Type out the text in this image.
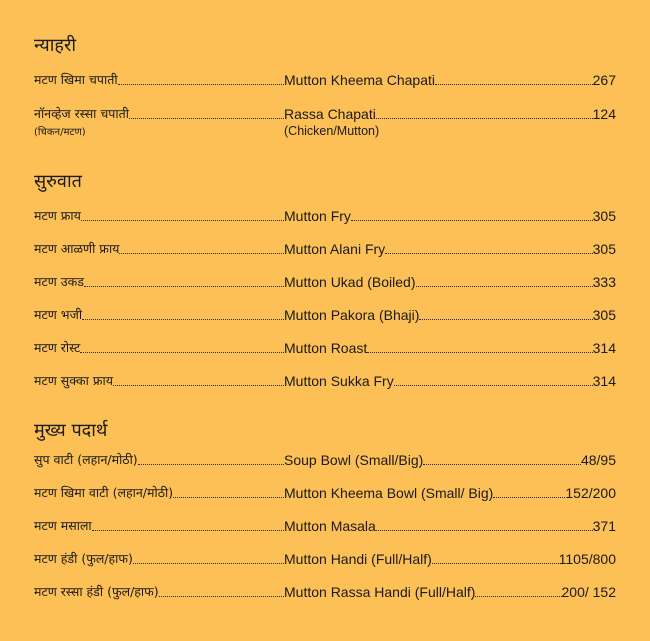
न्याहरी
मटण खिमा चपाती	Mutton Kheema Chapati	267
नॉनव्हेज रस्सा चपाती	Rassa Chapati	124
(चिकन/मटण)	(Chicken/Mutton)
सुरुवात
मटण फ्राय	Mutton Fry	305
मटण आळणी फ्राय	Mutton Alani Fry	305
मटण उकड	Mutton Ukad (Boiled)	333
मटण भजी	Mutton Pakora (Bhaji)	305
मटण रोस्ट	Mutton Roast	314
मटण सुक्का फ्राय	Mutton Sukka Fry	314
मुख्य पदार्थ
सुप वाटी (लहान/मोठी)	Soup Bowl (Small/Big)	48/95
मटण खिमा वाटी (लहान/मोठी)	Mutton Kheema Bowl (Small/ Big)	152/200
मटण मसाला	Mutton Masala	371
मटण हंडी (फुल/हाफ)	Mutton Handi (Full/Half)	1105/800
मटण रस्सा हंडी (फुल/हाफ)	Mutton Rassa Handi (Full/Half)	200/ 152
